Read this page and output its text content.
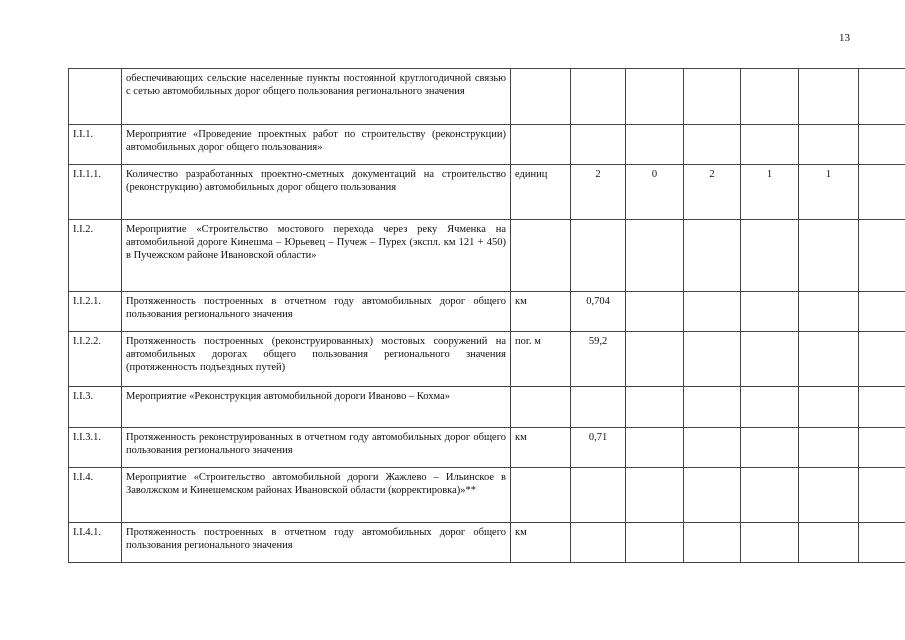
13
	обеспечивающих сельские населенные пункты постоянной круглогодичной связью с сетью автомобильных дорог общего пользования регионального значения							
I.I.1.	Мероприятие «Проведение проектных работ по строительству (реконструкции) автомобильных дорог общего пользования»							
I.I.1.1.	Количество разработанных проектно-сметных документаций на строительство (реконструкцию) автомобильных дорог общего пользования	единиц	2	0	2	1	1	
I.I.2.	Мероприятие «Строительство мостового перехода через реку Ячменка на автомобильной дороге Кинешма – Юрьевец – Пучеж – Пурех (экспл. км 121 + 450) в Пучежском районе Ивановской области»							
I.I.2.1.	Протяженность построенных в отчетном году автомобильных дорог общего пользования регионального значения	км	0,704					
I.I.2.2.	Протяженность построенных (реконструированных) мостовых сооружений на автомобильных дорогах общего пользования регионального значения (протяженность подъездных путей)	пог. м	59,2					
I.I.3.	Мероприятие «Реконструкция автомобильной дороги Иваново – Кохма»							
I.I.3.1.	Протяженность реконструированных в отчетном году автомобильных дорог общего пользования регионального значения	км	0,71					
I.I.4.	Мероприятие «Строительство автомобильной дороги Жажлево – Ильинское в Заволжском и Кинешемском районах Ивановской области (корректировка)»**							
I.I.4.1.	Протяженность построенных в отчетном году автомобильных дорог общего пользования регионального значения	км						
